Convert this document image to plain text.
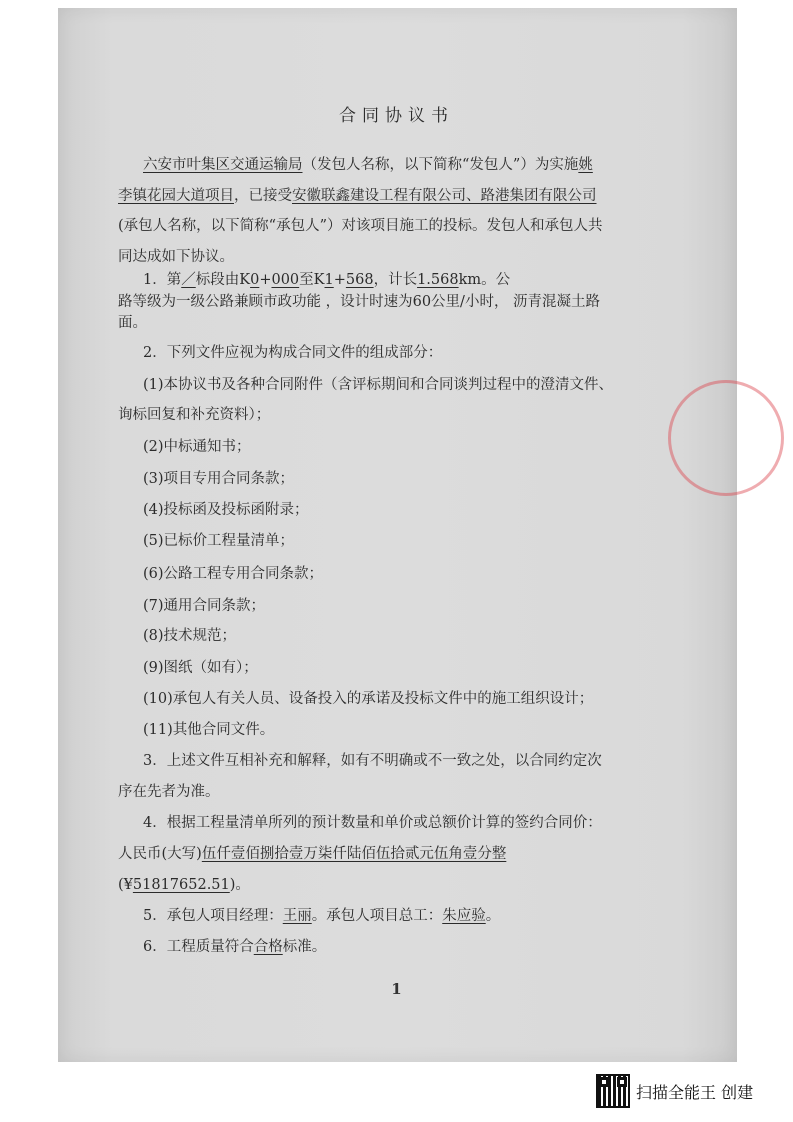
合同协议书
六安市叶集区交通运输局（发包人名称，以下简称“发包人”）为实施姚
李镇花园大道项目，已接受安徽联鑫建设工程有限公司、路港集团有限公司
(承包人名称，以下简称“承包人”）对该项目施工的投标。发包人和承包人共
同达成如下协议。
1．第／标段由K0+000至K1+568，计长1.568km。公
路等级为一级公路兼顾市政功能 ，设计时速为60公里/小时， 沥青混凝土路
面。
2．下列文件应视为构成合同文件的组成部分：
(1)本协议书及各种合同附件（含评标期间和合同谈判过程中的澄清文件、
询标回复和补充资料）；
(2)中标通知书；
(3)项目专用合同条款；
(4)投标函及投标函附录；
(5)已标价工程量清单；
(6)公路工程专用合同条款；
(7)通用合同条款；
(8)技术规范；
(9)图纸（如有）；
(10)承包人有关人员、设备投入的承诺及投标文件中的施工组织设计；
(11)其他合同文件。
3．上述文件互相补充和解释，如有不明确或不一致之处，以合同约定次
序在先者为准。
4．根据工程量清单所列的预计数量和单价或总额价计算的签约合同价：
人民币(大写)伍仟壹佰捌拾壹万柒仟陆佰伍拾贰元伍角壹分整
(¥51817652.51)。
5．承包人项目经理：王丽。承包人项目总工：朱应验。
6．工程质量符合合格标准。
1
扫描全能王 创建
